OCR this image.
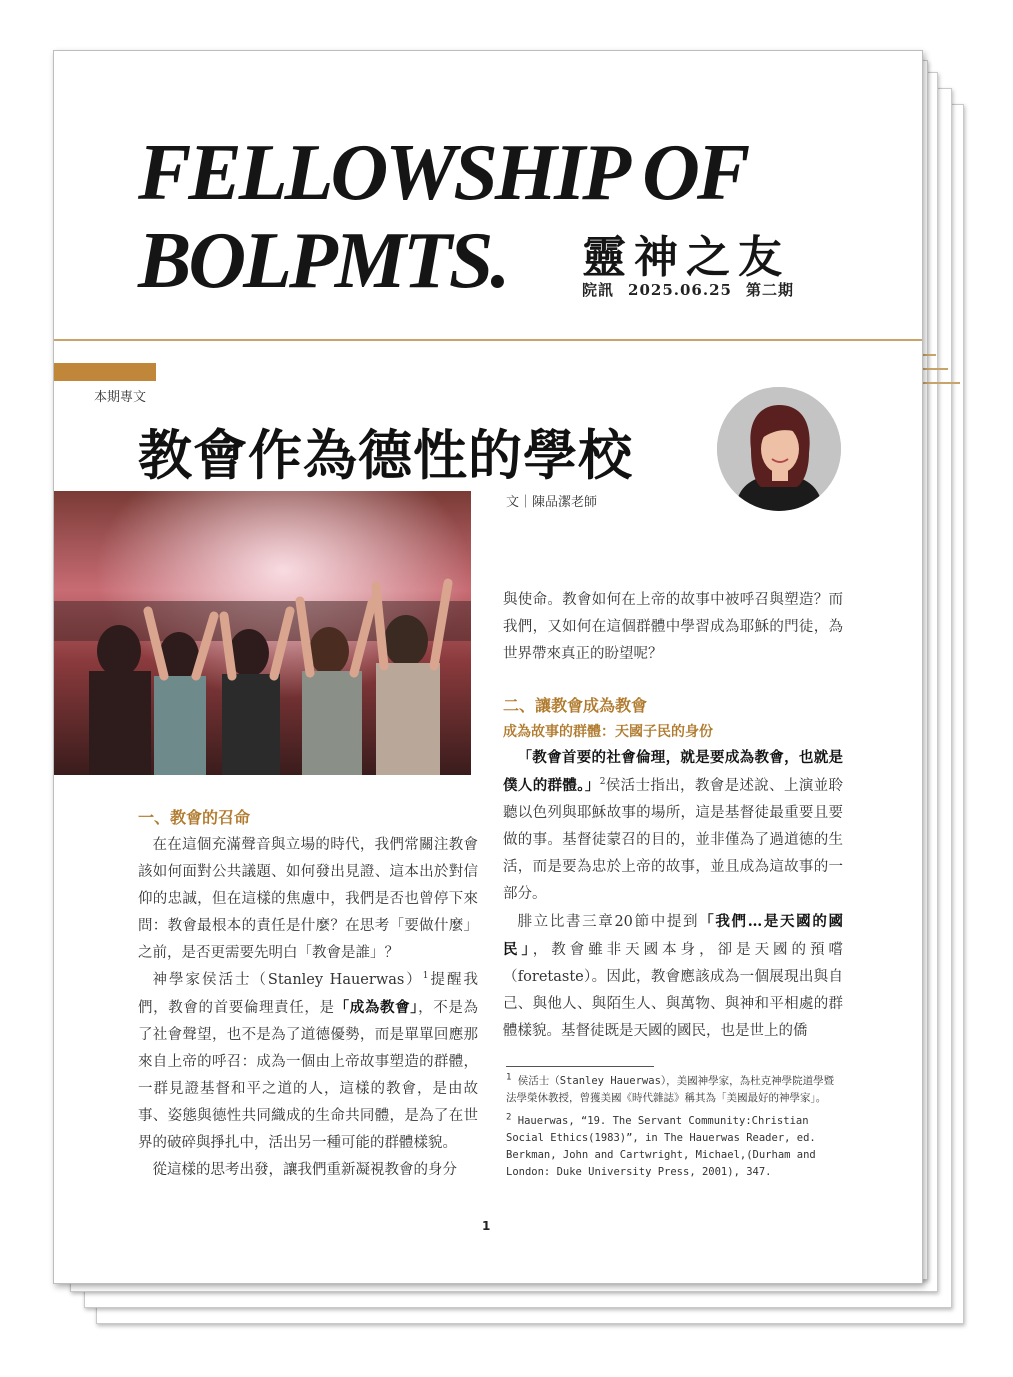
FELLOWSHIP OF
BOLPMTS. 靈神之友
院訊 2025.06.25 第二期
本期專文
教會作為德性的學校
文｜陳品潔老師
一、教會的召命

在在這個充滿聲音與立場的時代，我們常關注教會該如何面對公共議題、如何發出見證、這本出於對信仰的忠誠，但在這樣的焦慮中，我們是否也曾停下來問：教會最根本的責任是什麼？在思考「要做什麼」之前，是否更需要先明白「教會是誰」？

神學家侯活士（Stanley Hauerwas）$^1$提醒我們，教會的首要倫理責任，是「成為教會」，不是為了社會聲望，也不是為了道德優勢，而是單單回應那來自上帝的呼召：成為一個由上帝故事塑造的群體，一群見證基督和平之道的人，這樣的教會，是由故事、姿態與德性共同織成的生命共同體，是為了在世界的破碎與掙扎中，活出另一種可能的群體樣貌。

從這樣的思考出發，讓我們重新凝視教會的身分

與使命。教會如何在上帝的故事中被呼召與塑造？而我們，又如何在這個群體中學習成為耶穌的門徒，為世界帶來真正的盼望呢？

二、讓教會成為教會
成為故事的群體：天國子民的身份

「教會首要的社會倫理，就是要成為教會，也就是僕人的群體。」$^2$侯活士指出，教會是述說、上演並聆聽以色列與耶穌故事的場所，這是基督徒最重要且要做的事。基督徒蒙召的目的，並非僅為了過道德的生活，而是要為忠於上帝的故事，並且成為這故事的一部分。

腓立比書三章20節中提到「我們…是天國的國民」，教會雖非天國本身，卻是天國的預嚐（foretaste）。因此，教會應該成為一個展現出與自己、與他人、與陌生人、與萬物、與神和平相處的群體樣貌。基督徒既是天國的國民，也是世上的僑

$^1$ 侯活士（Stanley Hauerwas），美國神學家，為杜克神學院道學暨法學榮休教授，曾獲美國《時代雜誌》稱其為「美國最好的神學家」。

$^2$ Hauerwas, “19. The Servant Community:Christian Social Ethics(1983)”, in The Hauerwas Reader, ed. Berkman, John and Cartwright, Michael,(Durham and London: Duke University Press, 2001), 347.

1
